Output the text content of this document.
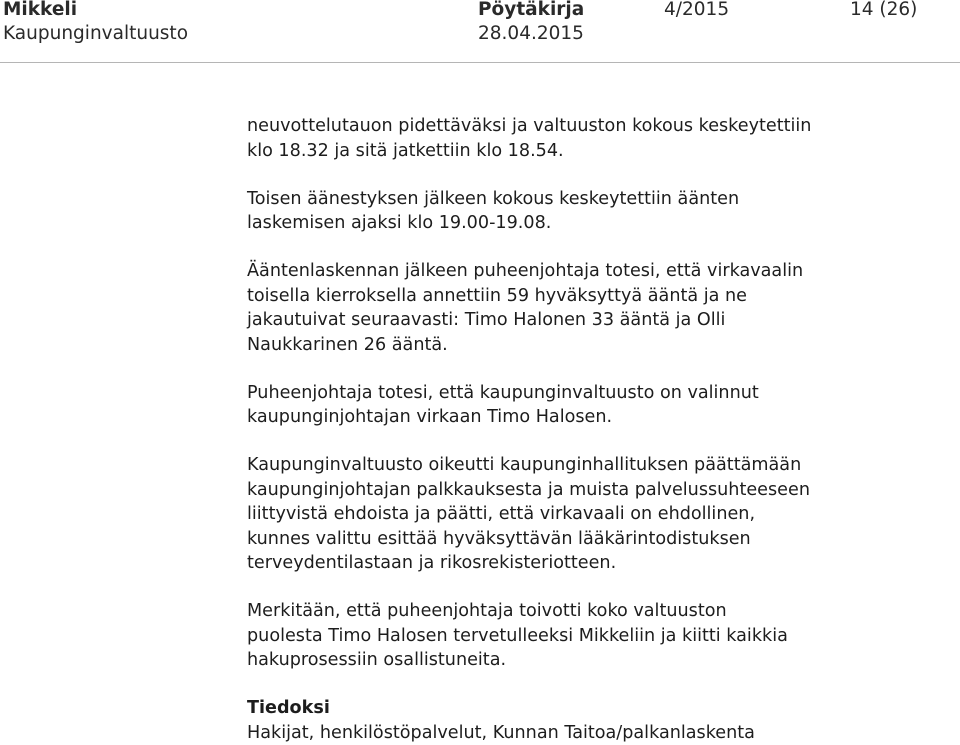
Mikkeli
Kaupunginvaltuusto
Pöytäkirja
28.04.2015
4/2015	14 (26)

neuvottelutauon pidettäväksi ja valtuuston kokous keskeytettiin
klo 18.32 ja sitä jatkettiin klo 18.54.

Toisen äänestyksen jälkeen kokous keskeytettiin äänten
laskemisen ajaksi klo 19.00-19.08.

Ääntenlaskennan jälkeen puheenjohtaja totesi, että virkavaalin
toisella kierroksella annettiin 59 hyväksyttyä ääntä ja ne
jakautuivat seuraavasti: Timo Halonen 33 ääntä ja Olli
Naukkarinen 26 ääntä.

Puheenjohtaja totesi, että kaupunginvaltuusto on valinnut
kaupunginjohtajan virkaan Timo Halosen.

Kaupunginvaltuusto oikeutti kaupunginhallituksen päättämään
kaupunginjohtajan palkkauksesta ja muista palvelussuhteeseen
liittyvistä ehdoista ja päätti, että virkavaali on ehdollinen,
kunnes valittu esittää hyväksyttävän lääkärintodistuksen
terveydentilastaan ja rikosrekisteriotteen.

Merkitään, että puheenjohtaja toivotti koko valtuuston
puolesta Timo Halosen tervetulleeksi Mikkeliin ja kiitti kaikkia
hakuprosessiin osallistuneita.

Tiedoksi
Hakijat, henkilöstöpalvelut, Kunnan Taitoa/palkanlaskenta
